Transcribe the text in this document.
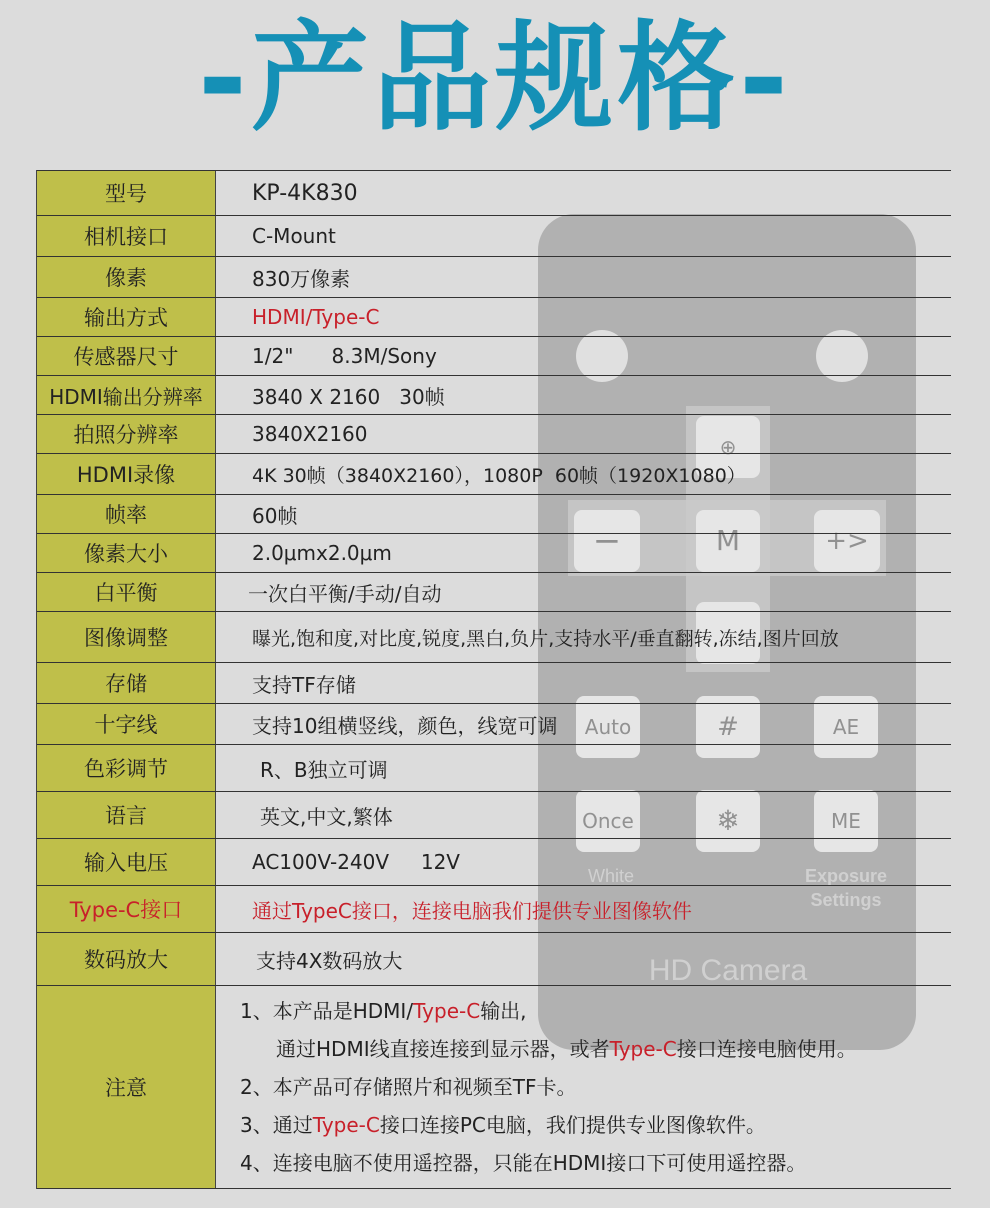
-产品规格-
⊕
−	M	+>
Auto	#	AE
Once	❄	ME
White	Exposure
Settings
HD Camera
型号	KP-4K830
相机接口	C-Mount
像素	830万像素
输出方式	HDMI/Type-C
传感器尺寸	1/2"      8.3M/Sony
HDMI输出分辨率	3840 X 2160   30帧
拍照分辨率	3840X2160
HDMI录像	4K 30帧（3840X2160），1080P  60帧（1920X1080）
帧率	60帧
像素大小	2.0μmx2.0μm
白平衡	一次白平衡/手动/自动
图像调整	曝光,饱和度,对比度,锐度,黑白,负片,支持水平/垂直翻转,冻结,图片回放
存储	支持TF存储
十字线	支持10组横竖线，颜色，线宽可调
色彩调节	R、B独立可调
语言	英文,中文,繁体
输入电压	AC100V-240V     12V
Type-C接口	通过TypeC接口，连接电脑我们提供专业图像软件
数码放大	支持4X数码放大
注意
1、本产品是HDMI/Type-C输出,
通过HDMI线直接连接到显示器，或者Type-C接口连接电脑使用。
2、本产品可存储照片和视频至TF卡。
3、通过Type-C接口连接PC电脑，我们提供专业图像软件。
4、连接电脑不使用遥控器，只能在HDMI接口下可使用遥控器。
